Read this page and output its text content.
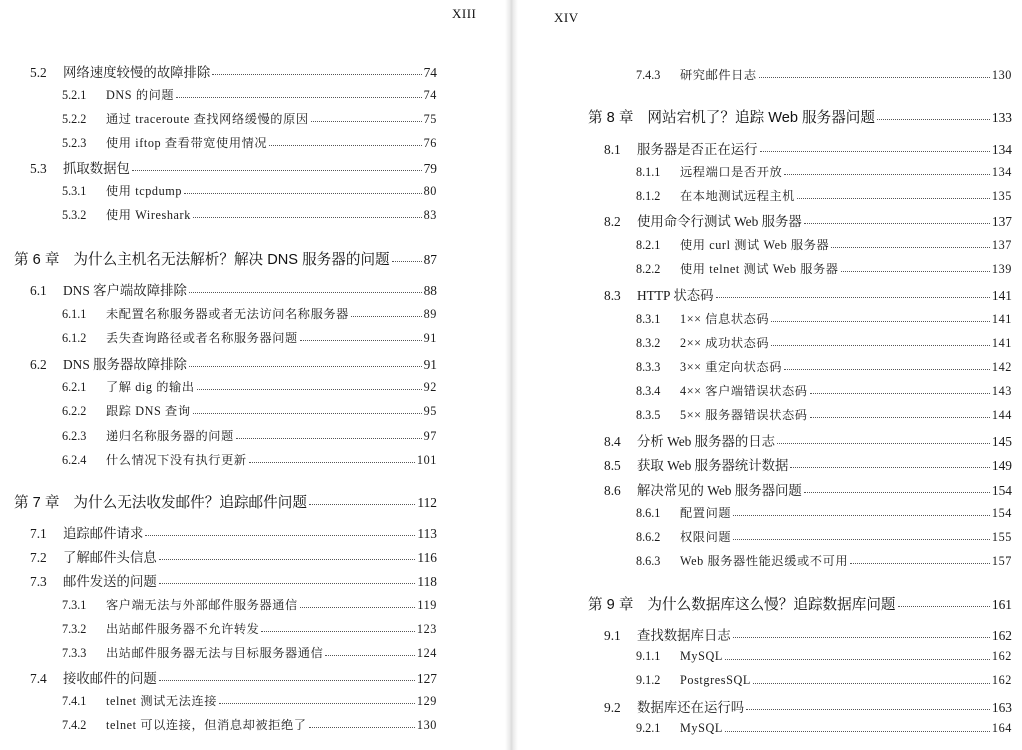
XIII
5.2	网络速度较慢的故障排除	74
5.2.1	DNS 的问题	74
5.2.2	通过 traceroute 查找网络缓慢的原因	75
5.2.3	使用 iftop 查看带宽使用情况	76
5.3	抓取数据包	79
5.3.1	使用 tcpdump	80
5.3.2	使用 Wireshark	83
第 6 章 为什么主机名无法解析？解决 DNS 服务器的问题	87
6.1	DNS 客户端故障排除	88
6.1.1	未配置名称服务器或者无法访问名称服务器	89
6.1.2	丢失查询路径或者名称服务器问题	91
6.2	DNS 服务器故障排除	91
6.2.1	了解 dig 的输出	92
6.2.2	跟踪 DNS 查询	95
6.2.3	递归名称服务器的问题	97
6.2.4	什么情况下没有执行更新	101
第 7 章 为什么无法收发邮件？追踪邮件问题	112
7.1	追踪邮件请求	113
7.2	了解邮件头信息	116
7.3	邮件发送的问题	118
7.3.1	客户端无法与外部邮件服务器通信	119
7.3.2	出站邮件服务器不允许转发	123
7.3.3	出站邮件服务器无法与目标服务器通信	124
7.4	接收邮件的问题	127
7.4.1	telnet 测试无法连接	129
7.4.2	telnet 可以连接，但消息却被拒绝了	130
XIV
7.4.3	研究邮件日志	130
第 8 章 网站宕机了？追踪 Web 服务器问题	133
8.1	服务器是否正在运行	134
8.1.1	远程端口是否开放	134
8.1.2	在本地测试远程主机	135
8.2	使用命令行测试 Web 服务器	137
8.2.1	使用 curl 测试 Web 服务器	137
8.2.2	使用 telnet 测试 Web 服务器	139
8.3	HTTP 状态码	141
8.3.1	1×× 信息状态码	141
8.3.2	2×× 成功状态码	141
8.3.3	3×× 重定向状态码	142
8.3.4	4×× 客户端错误状态码	143
8.3.5	5×× 服务器错误状态码	144
8.4	分析 Web 服务器的日志	145
8.5	获取 Web 服务器统计数据	149
8.6	解决常见的 Web 服务器问题	154
8.6.1	配置问题	154
8.6.2	权限问题	155
8.6.3	Web 服务器性能迟缓或不可用	157
第 9 章 为什么数据库这么慢？追踪数据库问题	161
9.1	查找数据库日志	162
9.1.1	MySQL	162
9.1.2	PostgresSQL	162
9.2	数据库还在运行吗	163
9.2.1	MySQL	164
